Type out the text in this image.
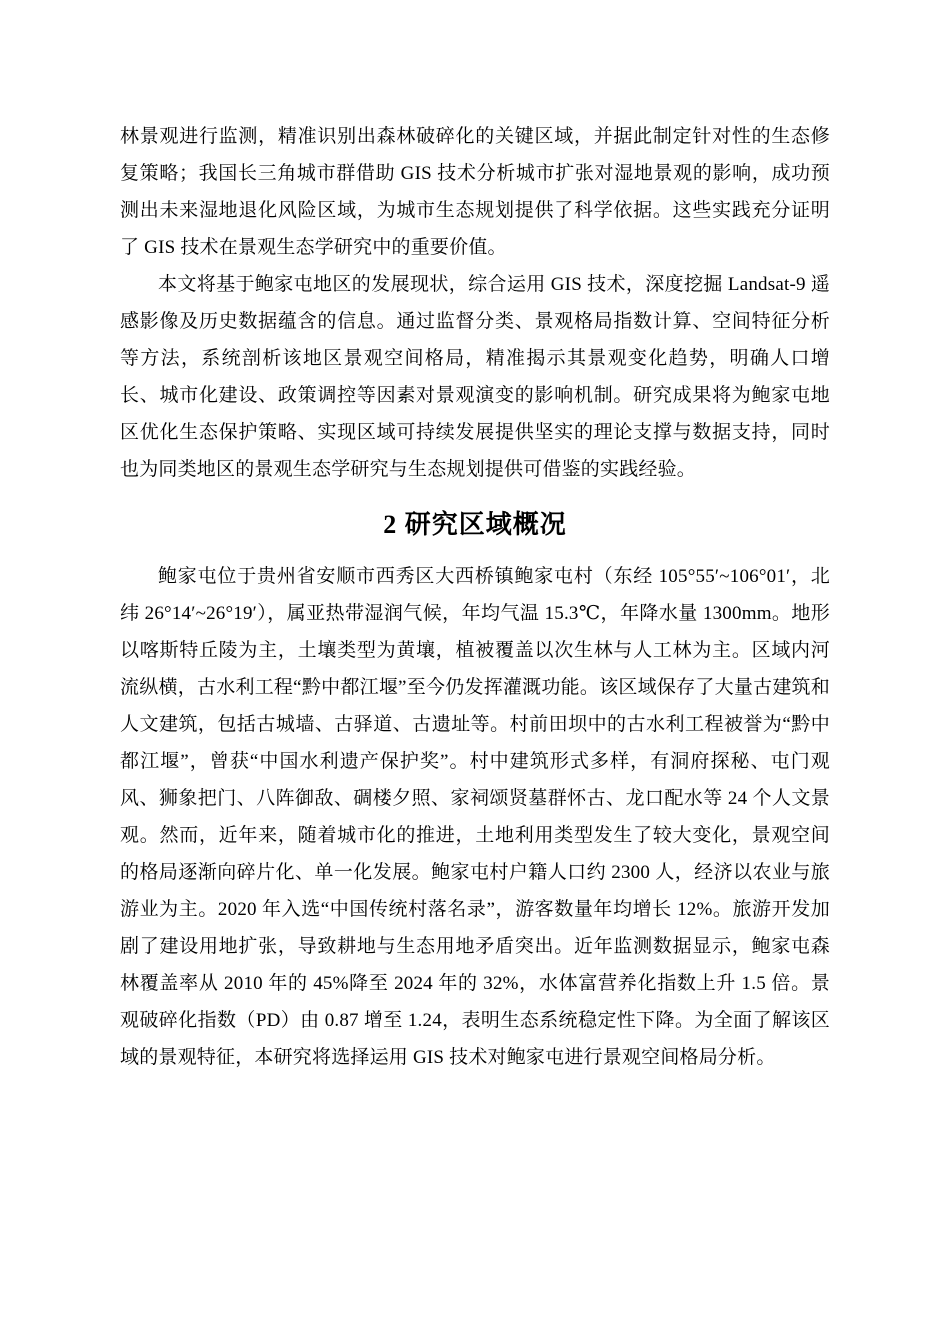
林景观进行监测，精准识别出森林破碎化的关键区域，并据此制定针对性的生态修复策略；我国长三角城市群借助 GIS 技术分析城市扩张对湿地景观的影响，成功预测出未来湿地退化风险区域，为城市生态规划提供了科学依据。这些实践充分证明了 GIS 技术在景观生态学研究中的重要价值。

本文将基于鲍家屯地区的发展现状，综合运用 GIS 技术，深度挖掘 Landsat-9 遥感影像及历史数据蕴含的信息。通过监督分类、景观格局指数计算、空间特征分析等方法，系统剖析该地区景观空间格局，精准揭示其景观变化趋势，明确人口增长、城市化建设、政策调控等因素对景观演变的影响机制。研究成果将为鲍家屯地区优化生态保护策略、实现区域可持续发展提供坚实的理论支撑与数据支持，同时也为同类地区的景观生态学研究与生态规划提供可借鉴的实践经验。

2 研究区域概况

鲍家屯位于贵州省安顺市西秀区大西桥镇鲍家屯村（东经 105°55′~106°01′，北纬 26°14′~26°19′），属亚热带湿润气候，年均气温 15.3℃，年降水量 1300mm。地形以喀斯特丘陵为主，土壤类型为黄壤，植被覆盖以次生林与人工林为主。区域内河流纵横，古水利工程“黔中都江堰”至今仍发挥灌溉功能。该区域保存了大量古建筑和人文建筑，包括古城墙、古驿道、古遗址等。村前田坝中的古水利工程被誉为“黔中都江堰”，曾获“中国水利遗产保护奖”。村中建筑形式多样，有洞府探秘、屯门观风、狮象把门、八阵御敌、碉楼夕照、家祠颂贤墓群怀古、龙口配水等 24 个人文景观。然而，近年来，随着城市化的推进，土地利用类型发生了较大变化，景观空间的格局逐渐向碎片化、单一化发展。鲍家屯村户籍人口约 2300 人，经济以农业与旅游业为主。2020 年入选“中国传统村落名录”，游客数量年均增长 12%。旅游开发加剧了建设用地扩张，导致耕地与生态用地矛盾突出。近年监测数据显示，鲍家屯森林覆盖率从 2010 年的 45%降至 2024 年的 32%，水体富营养化指数上升 1.5 倍。景观破碎化指数（PD）由 0.87 增至 1.24，表明生态系统稳定性下降。为全面了解该区域的景观特征，本研究将选择运用 GIS 技术对鲍家屯进行景观空间格局分析。
